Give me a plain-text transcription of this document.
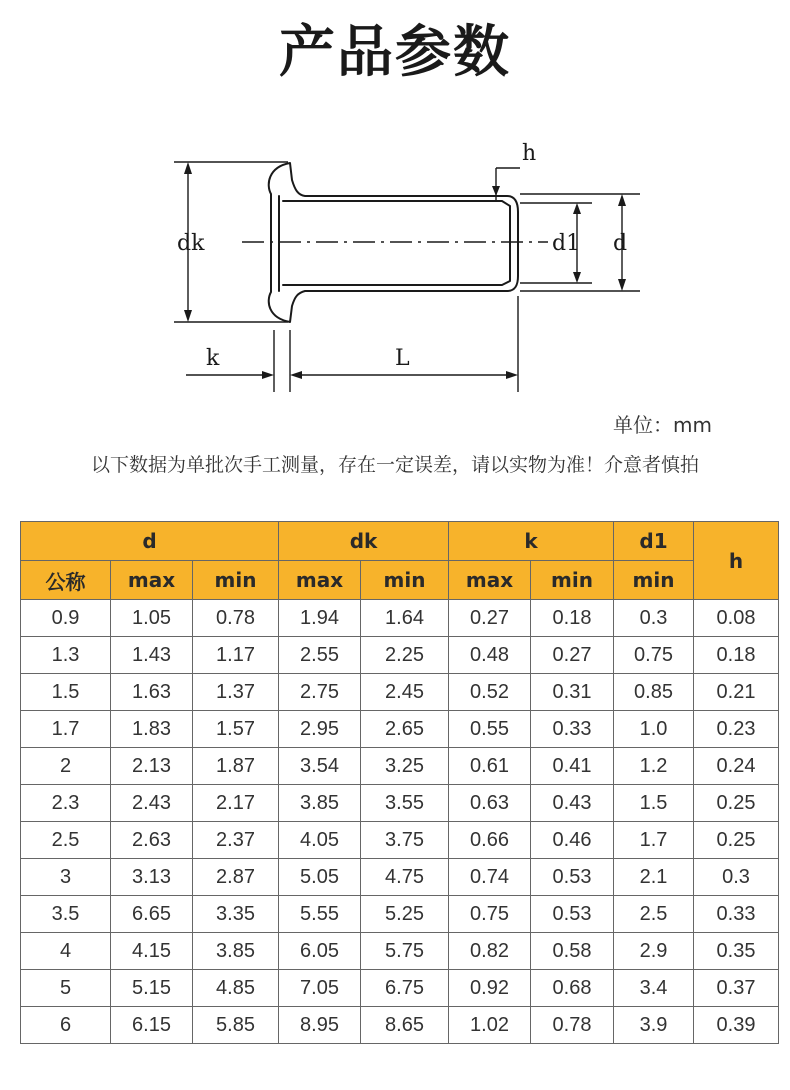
产品参数
h
dk	d1 d
k	L
单位：mm
以下数据为单批次手工测量，存在一定误差，请以实物为准！介意者慎拍
d			dk		k		d1	h
公称	max	min	max	min	max	min	min	
0.9	1.05	0.78	1.94	1.64	0.27	0.18	0.3	0.08
1.3	1.43	1.17	2.55	2.25	0.48	0.27	0.75	0.18
1.5	1.63	1.37	2.75	2.45	0.52	0.31	0.85	0.21
1.7	1.83	1.57	2.95	2.65	0.55	0.33	1.0	0.23
2	2.13	1.87	3.54	3.25	0.61	0.41	1.2	0.24
2.3	2.43	2.17	3.85	3.55	0.63	0.43	1.5	0.25
2.5	2.63	2.37	4.05	3.75	0.66	0.46	1.7	0.25
3	3.13	2.87	5.05	4.75	0.74	0.53	2.1	0.3
3.5	6.65	3.35	5.55	5.25	0.75	0.53	2.5	0.33
4	4.15	3.85	6.05	5.75	0.82	0.58	2.9	0.35
5	5.15	4.85	7.05	6.75	0.92	0.68	3.4	0.37
6	6.15	5.85	8.95	8.65	1.02	0.78	3.9	0.39
